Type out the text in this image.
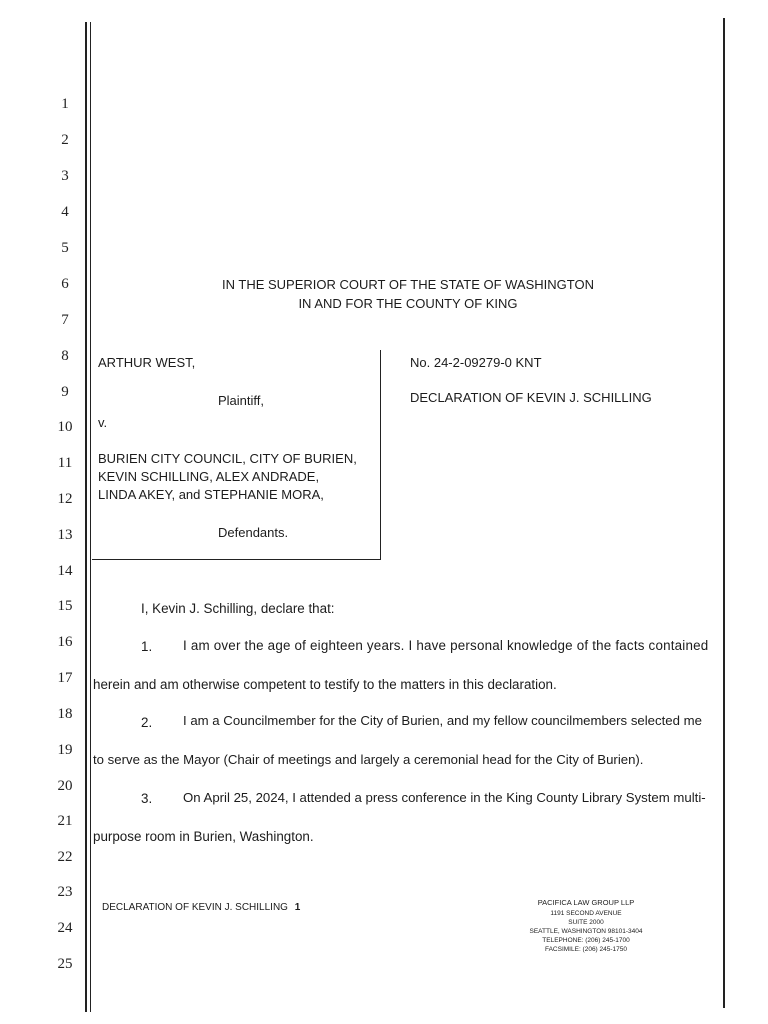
1
2
3
4
5
6
7
8
9
10
11
12
13
14
15
16
17
18
19
20
21
22
23
24
25
IN THE SUPERIOR COURT OF THE STATE OF WASHINGTON
IN AND FOR THE COUNTY OF KING
ARTHUR WEST,
Plaintiff,
v.
BURIEN CITY COUNCIL, CITY OF BURIEN,
KEVIN SCHILLING, ALEX ANDRADE,
LINDA AKEY, and STEPHANIE MORA,
Defendants.
No. 24-2-09279-0 KNT
DECLARATION OF KEVIN J. SCHILLING
I, Kevin J. Schilling, declare that:
1. I am over the age of eighteen years. I have personal knowledge of the facts contained
herein and am otherwise competent to testify to the matters in this declaration.
2. I am a Councilmember for the City of Burien, and my fellow councilmembers selected me
to serve as the Mayor (Chair of meetings and largely a ceremonial head for the City of Burien).
3. On April 25, 2024, I attended a press conference in the King County Library System multi-
purpose room in Burien, Washington.
DECLARATION OF KEVIN J. SCHILLING 1	PACIFICA LAW GROUP LLP
1191 SECOND AVENUE
SUITE 2000
SEATTLE, WASHINGTON 98101-3404
TELEPHONE: (206) 245-1700
FACSIMILE: (206) 245-1750
